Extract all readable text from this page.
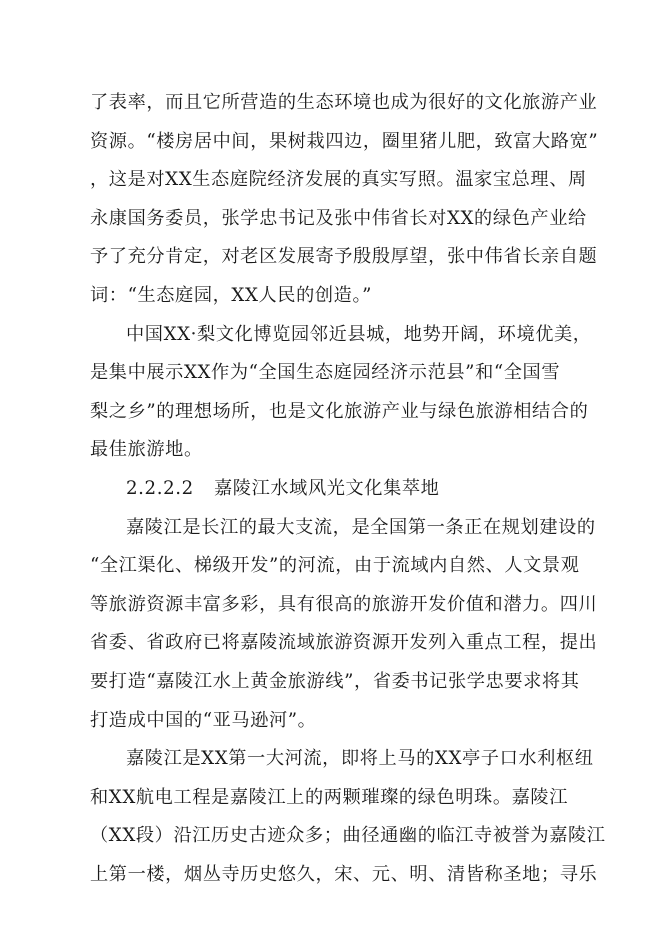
了表率，而且它所营造的生态环境也成为很好的文化旅游产业
资源。“楼房居中间，果树栽四边，圈里猪儿肥，致富大路宽”
，这是对XX生态庭院经济发展的真实写照。温家宝总理、周
永康国务委员，张学忠书记及张中伟省长对XX的绿色产业给
予了充分肯定，对老区发展寄予殷殷厚望，张中伟省长亲自题
词：“生态庭园，XX人民的创造。”
中国XX·梨文化博览园邻近县城，地势开阔，环境优美，
是集中展示XX作为“全国生态庭园经济示范县”和“全国雪
梨之乡”的理想场所，也是文化旅游产业与绿色旅游相结合的
最佳旅游地。
2.2.2.2 嘉陵江水域风光文化集萃地
嘉陵江是长江的最大支流，是全国第一条正在规划建设的
“全江渠化、梯级开发”的河流，由于流域内自然、人文景观
等旅游资源丰富多彩，具有很高的旅游开发价值和潜力。四川
省委、省政府已将嘉陵流域旅游资源开发列入重点工程，提出
要打造“嘉陵江水上黄金旅游线”，省委书记张学忠要求将其
打造成中国的“亚马逊河”。
嘉陵江是XX第一大河流，即将上马的XX亭子口水利枢纽
和XX航电工程是嘉陵江上的两颗璀璨的绿色明珠。嘉陵江
（XX段）沿江历史古迹众多；曲径通幽的临江寺被誉为嘉陵江
上第一楼，烟丛寺历史悠久，宋、元、明、清皆称圣地；寻乐
